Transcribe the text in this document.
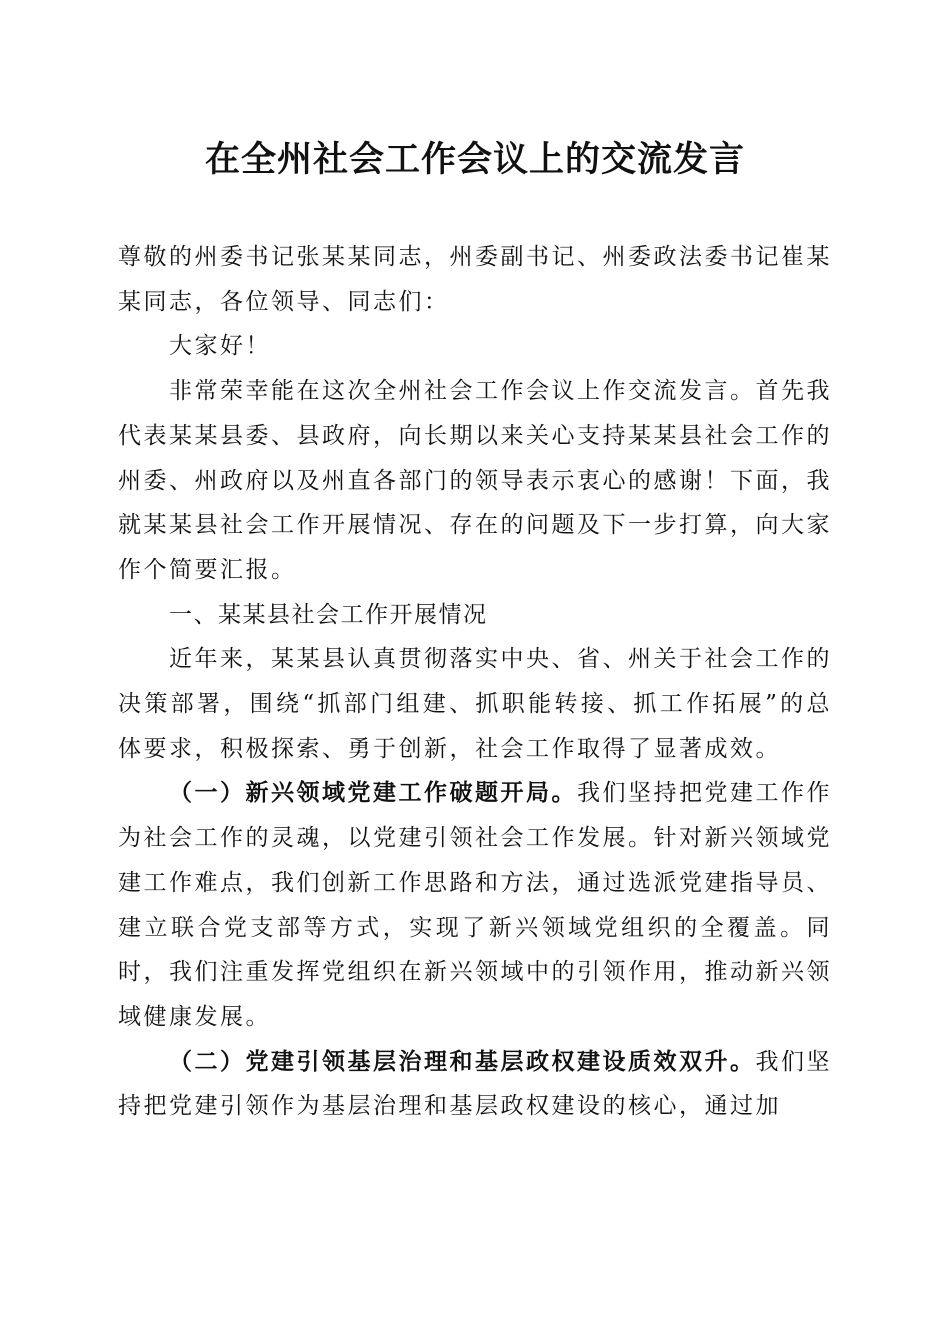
在全州社会工作会议上的交流发言

尊敬的州委书记张某某同志，州委副书记、州委政法委书记崔某某同志，各位领导、同志们：

大家好！

非常荣幸能在这次全州社会工作会议上作交流发言。首先我代表某某县委、县政府，向长期以来关心支持某某县社会工作的州委、州政府以及州直各部门的领导表示衷心的感谢！下面，我就某某县社会工作开展情况、存在的问题及下一步打算，向大家作个简要汇报。

一、某某县社会工作开展情况

近年来，某某县认真贯彻落实中央、省、州关于社会工作的决策部署，围绕“抓部门组建、抓职能转接、抓工作拓展”的总体要求，积极探索、勇于创新，社会工作取得了显著成效。

（一）新兴领域党建工作破题开局。我们坚持把党建工作作为社会工作的灵魂，以党建引领社会工作发展。针对新兴领域党建工作难点，我们创新工作思路和方法，通过选派党建指导员、建立联合党支部等方式，实现了新兴领域党组织的全覆盖。同时，我们注重发挥党组织在新兴领域中的引领作用，推动新兴领域健康发展。

（二）党建引领基层治理和基层政权建设质效双升。我们坚持把党建引领作为基层治理和基层政权建设的核心，通过加
